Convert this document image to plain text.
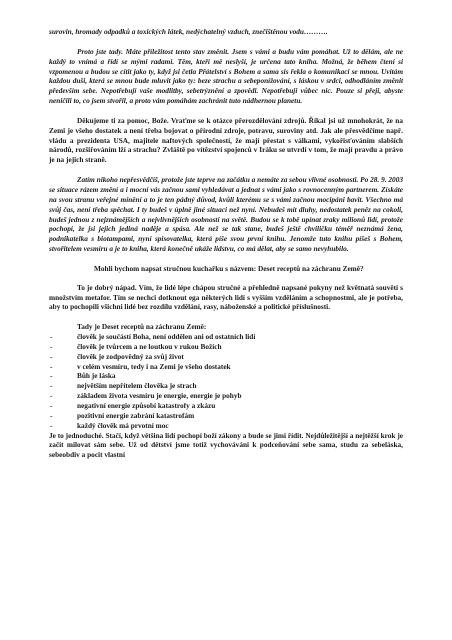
surovin, hromady odpadků a toxických látek, nedýchatelný vzduch, znečištěnou vodu……….

Proto jste tady. Máte příležitost tento stav změnit. Jsem s vámi a budu vám pomáhat. Už to dělám, ale ne každý to vnímá a řídí se mými radami. Těm, kteří mě neslyší, je určena tato kniha. Možná, že během čtení si vzpomenou a budou se cítit jako ty, když jsi četla Přátelství s Bohem a sama sis řekla o komunikaci se mnou. Uvítám každou duši, která se mnou bude mluvit jako ty: beze strachu a sebeponíżování, s láskou v srdci, odhodláním změnit především sebe. Nepotřebují vaše modlitby, sebetrýznění a zpovědi. Nepotřebuji vůbec nic. Pouze si přeji, abyste neničili to, co jsem stvořil, a proto vám pomáhám zachránit tuto nádhernou planetu.

Děkujeme ti za pomoc, Bože. Vraťme se k otázce přerozdělování zdrojů. Říkal jsi už mnohokrát, že na Zemi je všeho dostatek a není třeba bojovat o přírodní zdroje, potravu, suroviny atd. Jak ale přesvědčíme např. vládu a prezidenta USA, majitele naftových společností, že mají přestat s válkami, vykořisťováním slabších národů, rozšiřováním lží a strachu? Zvláště po vítězství spojenců v Iráku se utvrdí v tom, že mají pravdu a právo je na jejich straně.

Zatím nikoho nepřesvědčíš, protože jste teprve na začátku a nemáte za sebou vlivné osobnosti. Po 28. 9. 2003 se situace rázem změní a i mocní vás začnou sami vyhledávat a jednat s vámi jako s rovnocenným partnerem. Získáte na svou stranu veřejné mínění a to je ten pádný důvod, kvůli kterému se s vámi začnou mocipáni bavit. Všechno má svůj čas, není třeba spěchat. I ty budeš v úplně jiné situaci než nyní. Nebudeš mít dluhy, nedostatek peněz na cokoli, budeš jednou z nejznámějších a nejvlivnějších osobností na světě. Budou se k tobě upínat zraky milionů lidí, protože pochopí, že jsi jejich jediná naděje a spása. Ale než se tak stane, budeš ještě chviličku téměř neznámá žena, podnikatelka s biotampami, nyní spisovatelka, která píše svou první knihu. Jenomže tuto knihu píšeš s Bohem, stvořitelem vesmíru a je to kniha, která konečně ukáže lidstvu, co má dělat, aby se samo nevyhubilo.

Mohli bychom napsat stručnou kuchařku s názvem: Deset receptů na záchranu Země?

To je dobrý nápad. Vím, že lidé lépe chápou stručné a přehledně napsané pokyny než květnatá souvětí s množstvím metafor. Tím se nechci dotknout ega některých lidí s vyšším vzděláním a schopnostmi, ale je potřeba, aby to pochopili všichni lidé bez rozdílu vzdělání, rasy, náboženské a politické příslušnosti.

Tady je Deset receptů na záchranu Země:

-	člověk je součástí Boha, není oddělen ani od ostatních lidí
-	člověk je tvůrcem a ne loutkou v rukou Božích
-	člověk je zodpovědný za svůj život
-	v celém vesmíru, tedy i na Zemi je všeho dostatek
-	Bůh je láska
-	největším nepřítelem člověka je strach
-	základem života vesmíru je energie, energie je pohyb
-	negativní energie způsobí katastrofy a zkázu
-	pozitivní energie zabrání katastrofám
-	každý člověk má prvotní moc

Je to jednoduché. Stačí, když většina lidí pochopí boží zákony a bude se jimi řídit. Nejdůležitější a nejtěžší krok je začít milovat sám sebe. Už od dětství jsme totiž vychováváni k podceňování sebe sama, studu za sebeláska, sebeobdiv a pocit vlastní
